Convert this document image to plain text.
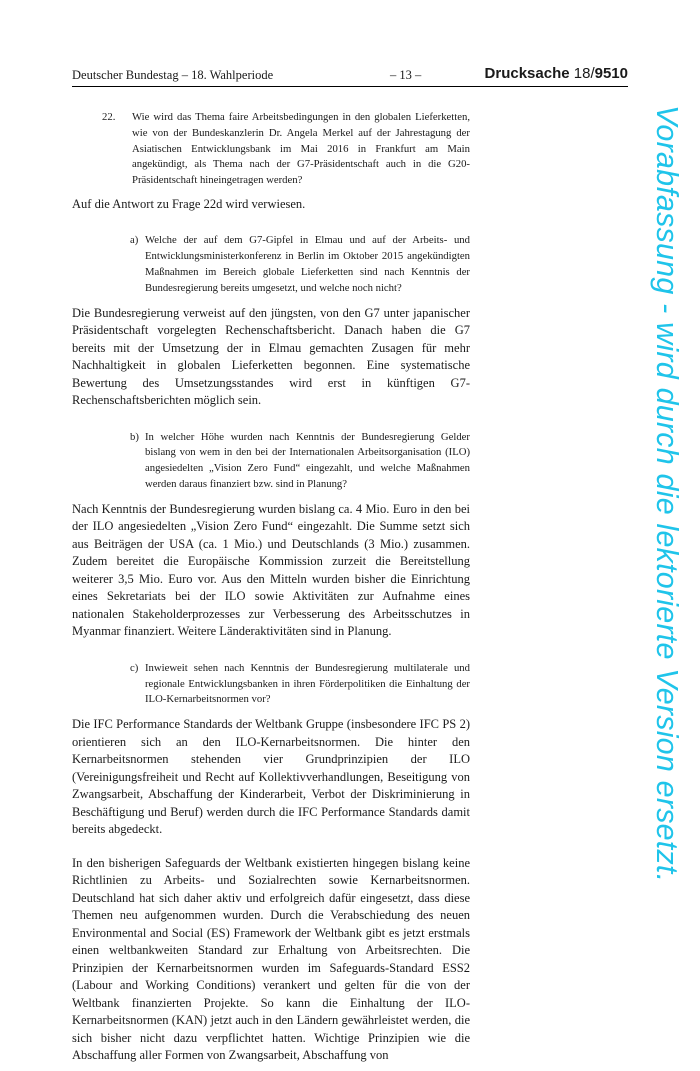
Deutscher Bundestag – 18. Wahlperiode	– 13 –	Drucksache 18/9510
22. Wie wird das Thema faire Arbeitsbedingungen in den globalen Lieferketten, wie von der Bundeskanzlerin Dr. Angela Merkel auf der Jahrestagung der Asiatischen Entwicklungsbank im Mai 2016 in Frankfurt am Main angekündigt, als Thema nach der G7-Präsidentschaft auch in die G20-Präsidentschaft hineingetragen werden?

Auf die Antwort zu Frage 22d wird verwiesen.

a) Welche der auf dem G7-Gipfel in Elmau und auf der Arbeits- und Entwicklungsministerkonferenz in Berlin im Oktober 2015 angekündigten Maßnahmen im Bereich globale Lieferketten sind nach Kenntnis der Bundesregierung bereits umgesetzt, und welche noch nicht?

Die Bundesregierung verweist auf den jüngsten, von den G7 unter japanischer Präsidentschaft vorgelegten Rechenschaftsbericht. Danach haben die G7 bereits mit der Umsetzung der in Elmau gemachten Zusagen für mehr Nachhaltigkeit in globalen Lieferketten begonnen. Eine systematische Bewertung des Umsetzungsstandes wird erst in künftigen G7-Rechenschaftsberichten möglich sein.

b) In welcher Höhe wurden nach Kenntnis der Bundesregierung Gelder bislang von wem in den bei der Internationalen Arbeitsorganisation (ILO) angesiedelten „Vision Zero Fund“ eingezahlt, und welche Maßnahmen werden daraus finanziert bzw. sind in Planung?

Nach Kenntnis der Bundesregierung wurden bislang ca. 4 Mio. Euro in den bei der ILO angesiedelten „Vision Zero Fund“ eingezahlt. Die Summe setzt sich aus Beiträgen der USA (ca. 1 Mio.) und Deutschlands (3 Mio.) zusammen. Zudem bereitet die Europäische Kommission zurzeit die Bereitstellung weiterer 3,5 Mio. Euro vor. Aus den Mitteln wurden bisher die Einrichtung eines Sekretariats bei der ILO sowie Aktivitäten zur Aufnahme eines nationalen Stakeholderprozesses zur Verbesserung des Arbeitsschutzes in Myanmar finanziert. Weitere Länderaktivitäten sind in Planung.

c) Inwieweit sehen nach Kenntnis der Bundesregierung multilaterale und regionale Entwicklungsbanken in ihren Förderpolitiken die Einhaltung der ILO-Kernarbeitsnormen vor?

Die IFC Performance Standards der Weltbank Gruppe (insbesondere IFC PS 2) orientieren sich an den ILO-Kernarbeitsnormen. Die hinter den Kernarbeitsnormen stehenden vier Grundprinzipien der ILO (Vereinigungsfreiheit und Recht auf Kollektivverhandlungen, Beseitigung von Zwangsarbeit, Abschaffung der Kinderarbeit, Verbot der Diskriminierung in Beschäftigung und Beruf) werden durch die IFC Performance Standards damit bereits abgedeckt.

In den bisherigen Safeguards der Weltbank existierten hingegen bislang keine Richtlinien zu Arbeits- und Sozialrechten sowie Kernarbeitsnormen. Deutschland hat sich daher aktiv und erfolgreich dafür eingesetzt, dass diese Themen neu aufgenommen wurden. Durch die Verabschiedung des neuen Environmental and Social (ES) Framework der Weltbank gibt es jetzt erstmals einen weltbankweiten Standard zur Erhaltung von Arbeitsrechten. Die Prinzipien der Kernarbeitsnormen wurden im Safeguards-Standard ESS2 (Labour and Working Conditions) verankert und gelten für die von der Weltbank finanzierten Projekte. So kann die Einhaltung der ILO-Kernarbeitsnormen (KAN) jetzt auch in den Ländern gewährleistet werden, die sich bisher nicht dazu verpflichtet hatten. Wichtige Prinzipien wie die Abschaffung aller Formen von Zwangsarbeit, Abschaffung von

Vorabfassung - wird durch die lektorierte Version ersetzt.
